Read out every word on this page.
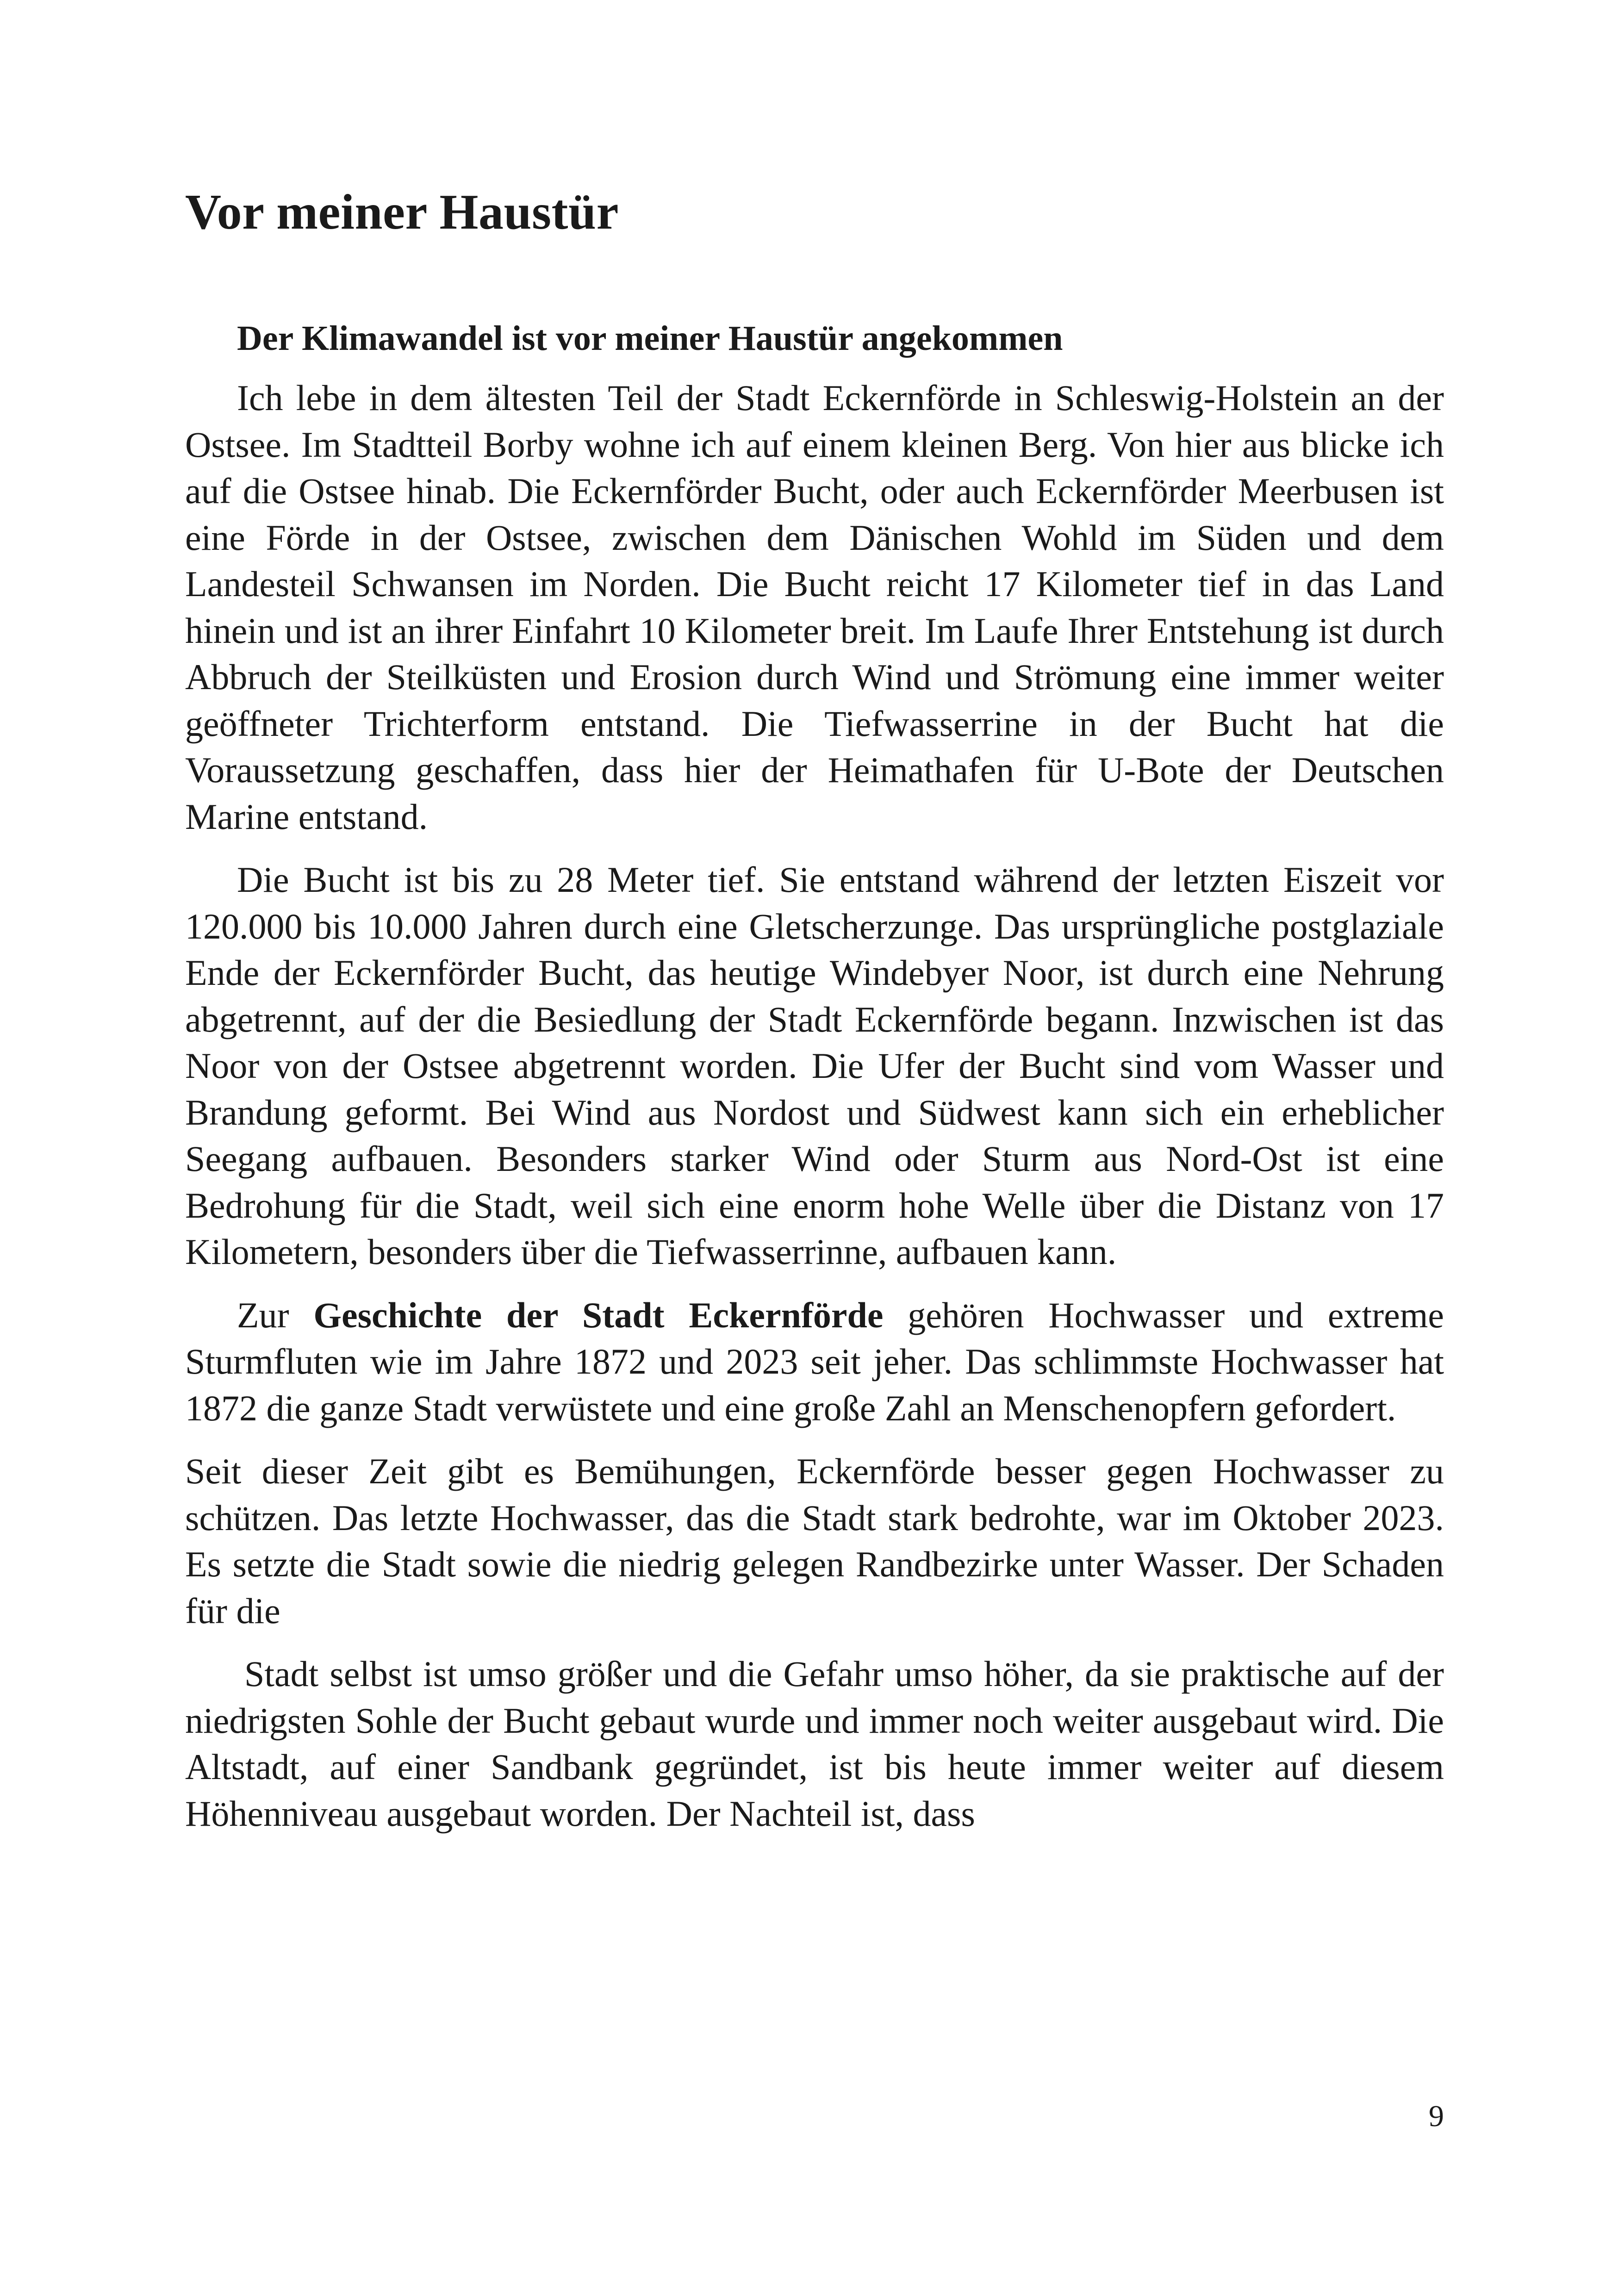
Vor meiner Haustür
Der Klimawandel ist vor meiner Haustür angekommen

Ich lebe in dem ältesten Teil der Stadt Eckernförde in Schleswig-Holstein an der Ostsee. Im Stadtteil Borby wohne ich auf einem kleinen Berg. Von hier aus blicke ich auf die Ostsee hinab. Die Eckernförder Bucht, oder auch Eckernförder Meerbusen ist eine Förde in der Ostsee, zwischen dem Dänischen Wohld im Süden und dem Landesteil Schwansen im Norden. Die Bucht reicht 17 Kilometer tief in das Land hinein und ist an ihrer Einfahrt 10 Kilometer breit. Im Laufe Ihrer Entstehung ist durch Abbruch der Steilküsten und Erosion durch Wind und Strömung eine immer weiter geöffneter Trichterform entstand. Die Tiefwasserrine in der Bucht hat die Voraussetzung geschaffen, dass hier der Heimathafen für U-Bote der Deutschen Marine entstand.

Die Bucht ist bis zu 28 Meter tief. Sie entstand während der letzten Eiszeit vor 120.000 bis 10.000 Jahren durch eine Gletscherzunge. Das ursprüngliche postglaziale Ende der Eckernförder Bucht, das heutige Windebyer Noor, ist durch eine Nehrung abgetrennt, auf der die Besiedlung der Stadt Eckernförde begann. Inzwischen ist das Noor von der Ostsee abgetrennt worden. Die Ufer der Bucht sind vom Wasser und Brandung geformt. Bei Wind aus Nordost und Südwest kann sich ein erheblicher Seegang aufbauen. Besonders starker Wind oder Sturm aus Nord-Ost ist eine Bedrohung für die Stadt, weil sich eine enorm hohe Welle über die Distanz von 17 Kilometern, besonders über die Tiefwasserrinne, aufbauen kann.

Zur Geschichte der Stadt Eckernförde gehören Hochwasser und extreme Sturmfluten wie im Jahre 1872 und 2023 seit jeher. Das schlimmste Hochwasser hat 1872 die ganze Stadt verwüstete und eine große Zahl an Menschenopfern gefordert.

Seit dieser Zeit gibt es Bemühungen, Eckernförde besser gegen Hochwasser zu schützen. Das letzte Hochwasser, das die Stadt stark bedrohte, war im Oktober 2023. Es setzte die Stadt sowie die niedrig gelegen Randbezirke unter Wasser. Der Schaden für die

Stadt selbst ist umso größer und die Gefahr umso höher, da sie praktische auf der niedrigsten Sohle der Bucht gebaut wurde und immer noch weiter ausgebaut wird. Die Altstadt, auf einer Sandbank gegründet, ist bis heute immer weiter auf diesem Höhenniveau ausgebaut worden. Der Nachteil ist, dass

9
